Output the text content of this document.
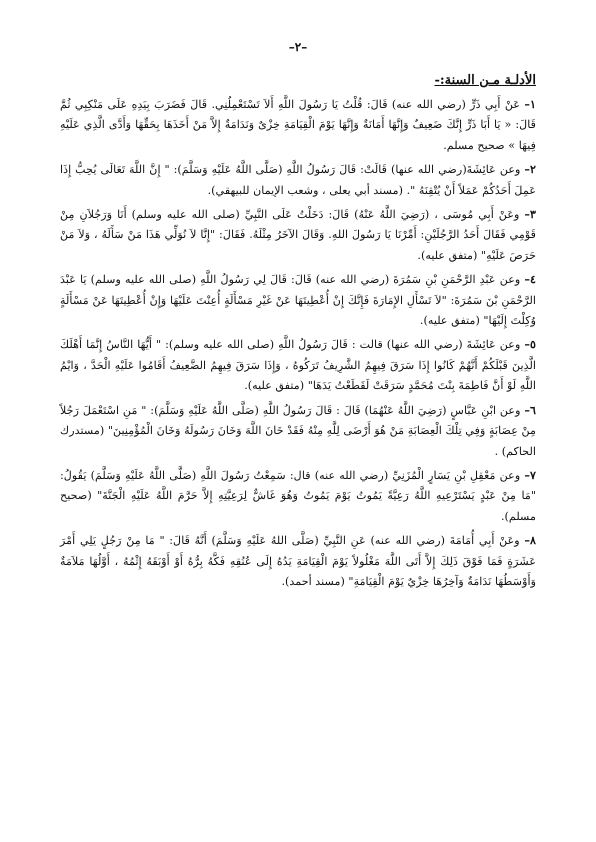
–٢–
الأدلـة مـن السنة:-

١– عَنْ أَبِي ذَرٍّ (رضي الله عنه) قَالَ: قُلْتُ يَا رَسُولَ اللَّهِ أَلاَ تَسْتَعْمِلُنِي. قَالَ فَضَرَبَ بِيَدِهِ عَلَى مَنْكِبِي ثُمَّ قَالَ: « يَا أَبَا ذَرٍّ إِنَّكَ ضَعِيفٌ وَإِنَّهَا أَمَانَةٌ وَإِنَّهَا يَوْمَ الْقِيَامَةِ خِزْىٌ وَنَدَامَةٌ إِلاَّ مَنْ أَخَذَهَا بِحَقِّهَا وَأَدَّى الَّذِي عَلَيْهِ فِيهَا » صحيح مسلم.

٢– وعن عَائِشَةَ(رضي الله عنها) قَالَتْ: قَالَ رَسُولُ اللَّهِ (صَلَّى اللَّهُ عَلَيْهِ وَسَلَّمَ): " إِنَّ اللَّهَ تَعَالَى يُحِبُّ إِذَا عَمِلَ أَحَدُكُمْ عَمَلاً أَنْ يُتْقِنَهُ ". (مسند أبي يعلى ، وشعب الإيمان للبيهقي).

٣– وعَنْ أَبِي مُوسَى ، (رَضِيَ اللَّهُ عَنْهُ) قَالَ: دَخَلْتُ عَلَى النَّبِيِّ (صلى الله عليه وسلم) أَنَا وَرَجُلاَنِ مِنْ قَوْمِي فَقَالَ أَحَدُ الرَّجُلَيْنِ: أَمِّرْنَا يَا رَسُولَ اللهِ. وَقَالَ الآخَرُ مِثْلَهُ. فَقَالَ: "إِنَّا لاَ نُوَلِّي هَذَا مَنْ سَأَلَهُ ، وَلاَ مَنْ حَرَصَ عَلَيْهِ" (متفق عليه).

٤– وعن عَبْدِ الرَّحْمَنِ بْنِ سَمُرَةَ (رضي الله عنه) قَالَ: قَالَ لِي رَسُولُ اللَّهِ (صلى الله عليه وسلم) يَا عَبْدَ الرَّحْمَنِ بْنَ سَمُرَةَ: "لاَ تَسْأَلِ الإِمَارَةَ فَإِنَّكَ إِنْ أُعْطِيتَهَا عَنْ غَيْرِ مَسْأَلَةٍ أُعِنْتَ عَلَيْهَا وَإِنْ أُعْطِيتَهَا عَنْ مَسْأَلَةٍ وُكِلْتَ إِلَيْهَا" (متفق عليه).

٥– وعن عَائِشَةَ (رضي الله عنها) قالت : قَالَ رَسُولُ اللَّهِ (صلى الله عليه وسلم): " أَيُّهَا النَّاسُ إِنَّمَا أَهْلَكَ الَّذِينَ قَبْلَكُمْ أَنَّهُمْ كَانُوا إِذَا سَرَقَ فِيهِمُ الشَّرِيفُ تَرَكُوهُ ، وَإِذَا سَرَقَ فِيهِمُ الضَّعِيفُ أَقَامُوا عَلَيْهِ الْحَدَّ ، وَايْمُ اللَّهِ لَوْ أَنَّ فَاطِمَةَ بِنْتَ مُحَمَّدٍ سَرَقَتْ لَقَطَعْتُ يَدَهَا" (متفق عليه).

٦– وعن ابْنِ عَبَّاسٍ (رَضِيَ اللَّهُ عَنْهُمَا) قَالَ : قَالَ رَسُولُ اللَّهِ (صَلَّى اللَّهُ عَلَيْهِ وَسَلَّمَ): " مَنِ اسْتَعْمَلَ رَجُلاً مِنْ عِصَابَةٍ وَفِي تِلْكَ الْعِصَابَةِ مَنْ هُوَ أَرْضَى لِلَّهِ مِنْهُ فَقَدْ خَانَ اللَّهَ وَخَانَ رَسُولَهُ وَخَانَ الْمُؤْمِنِينَ" (مستدرك الحاكم) .

٧– وعن مَعْقِلِ بْنِ يَسَارٍ الْمُزَنِيِّ (رضي الله عنه) قال: سَمِعْتُ رَسُولَ اللَّهِ (صَلَّى اللَّهُ عَلَيْهِ وَسَلَّمَ) يَقُولُ: "مَا مِنْ عَبْدٍ يَسْتَرْعِيهِ اللَّهُ رَعِيَّةً يَمُوتُ يَوْمَ يَمُوتُ وَهُوَ غَاشٌّ لِرَعِيَّتِهِ إِلاَّ حَرَّمَ اللَّهُ عَلَيْهِ الْجَنَّةَ" (صحيح مسلم).

٨– وعَنْ أَبِي أُمَامَةَ (رضي الله عنه) عَنِ النَّبِيِّ (صَلَّى اللهُ عَلَيْهِ وَسَلَّمَ) أَنَّهُ قَالَ: " مَا مِنْ رَجُلٍ يَلِي أَمْرَ عَشَرَةٍ فَمَا فَوْقَ ذَلِكَ إِلاَّ أَتَى اللَّهَ مَغْلُولاً يَوْمَ الْقِيَامَةِ يَدُهُ إِلَى عُنُقِهِ فَكَّهُ بِرُّهُ أَوْ أَوْبَقَهُ إِثْمُهُ ، أَوَّلُهَا مَلاَمَةٌ وَأَوْسَطُهَا نَدَامَةٌ وَآخِرُهَا خِزْيٌ يَوْمَ الْقِيَامَةِ" (مسند أحمد).
